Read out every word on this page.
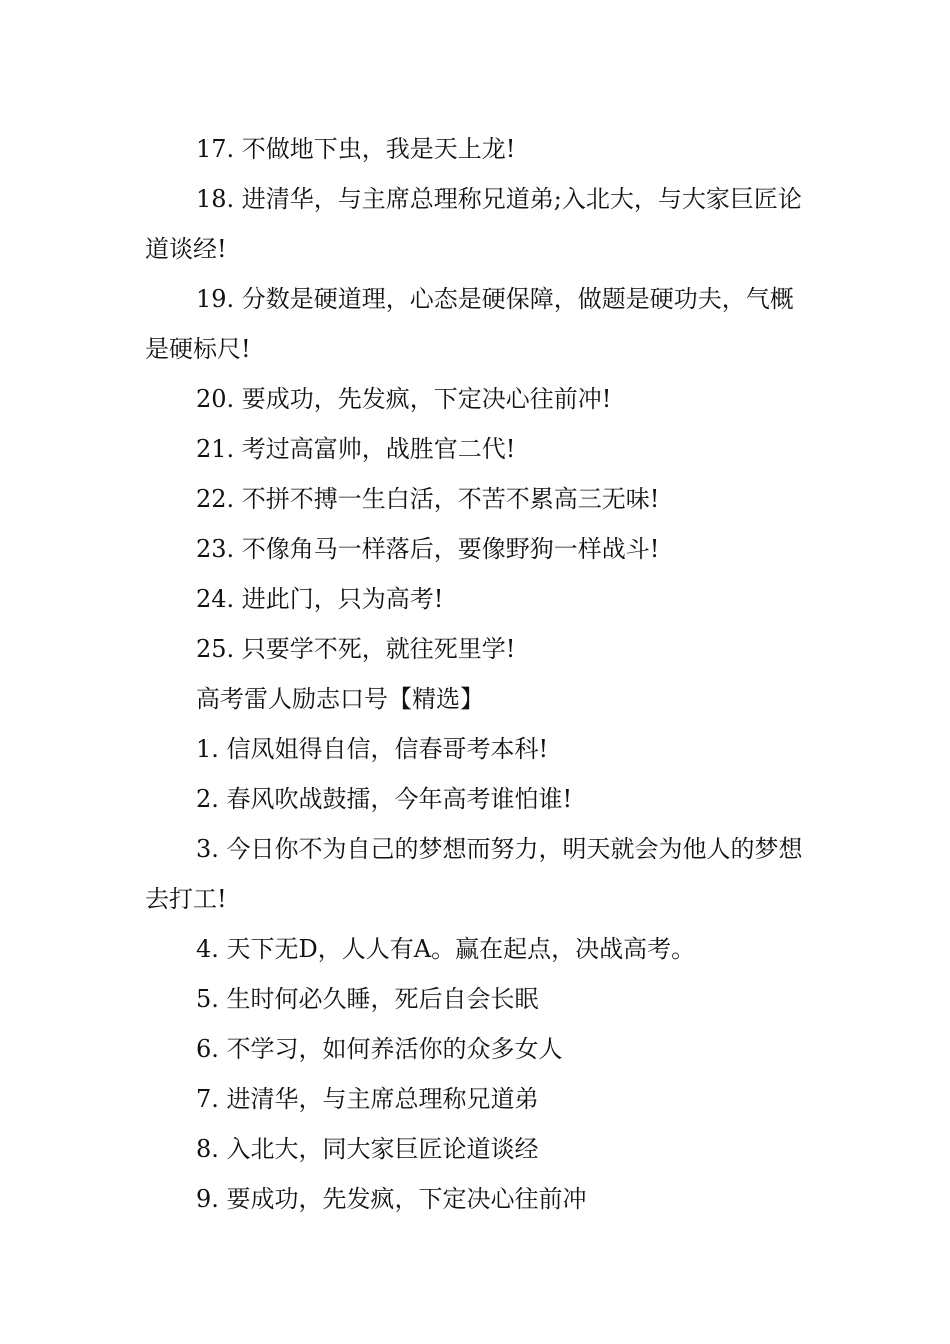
17. 不做地下虫，我是天上龙!

18. 进清华，与主席总理称兄道弟;入北大，与大家巨匠论道谈经!

19. 分数是硬道理，心态是硬保障，做题是硬功夫，气概是硬标尺!

20. 要成功，先发疯，下定决心往前冲!

21. 考过高富帅，战胜官二代!

22. 不拼不搏一生白活，不苦不累高三无味!

23. 不像角马一样落后，要像野狗一样战斗!

24. 进此门，只为高考!

25. 只要学不死，就往死里学!

高考雷人励志口号【精选】

1. 信凤姐得自信，信春哥考本科!

2. 春风吹战鼓擂，今年高考谁怕谁!

3. 今日你不为自己的梦想而努力，明天就会为他人的梦想去打工!

4. 天下无D，人人有A。赢在起点，决战高考。

5. 生时何必久睡，死后自会长眠

6. 不学习，如何养活你的众多女人

7. 进清华，与主席总理称兄道弟

8. 入北大，同大家巨匠论道谈经

9. 要成功，先发疯，下定决心往前冲
